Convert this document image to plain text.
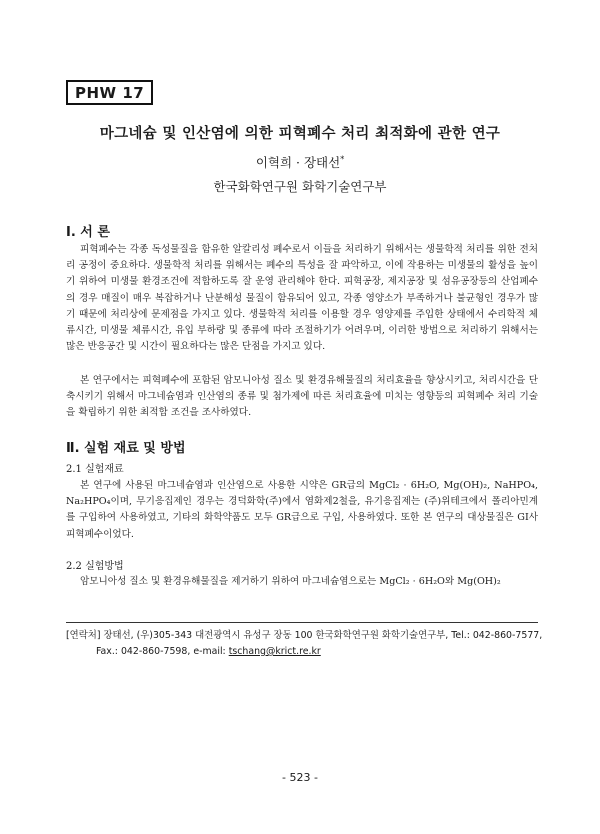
PHW 17
마그네슘 및 인산염에 의한 피혁폐수 처리 최적화에 관한 연구
이혁희 · 장태선*
한국화학연구원 화학기술연구부
Ⅰ. 서 론

피혁폐수는 각종 독성물질을 함유한 알칼리성 폐수로서 이들을 처리하기 위해서는 생물학적 처리를 위한 전처리 공정이 중요하다. 생물학적 처리를 위해서는 폐수의 특성을 잘 파악하고, 이에 작용하는 미생물의 활성을 높이기 위하여 미생물 환경조건에 적합하도록 잘 운영 관리해야 한다. 피혁공장, 제지공장 및 섬유공장등의 산업폐수의 경우 매질이 매우 복잡하거나 난분해성 물질이 함유되어 있고, 각종 영양소가 부족하거나 불균형인 경우가 많기 때문에 처리상에 문제점을 가지고 있다. 생물학적 처리를 이용할 경우 영양제를 주입한 상태에서 수리학적 체류시간, 미생물 체류시간, 유입 부하량 및 종류에 따라 조절하기가 어려우며, 이러한 방법으로 처리하기 위해서는 많은 반응공간 및 시간이 필요하다는 많은 단점을 가지고 있다.

본 연구에서는 피혁폐수에 포함된 암모니아성 질소 및 환경유해물질의 처리효율을 향상시키고, 처리시간을 단축시키기 위해서 마그네슘염과 인산염의 종류 및 첨가제에 따른 처리효율에 미치는 영향등의 피혁폐수 처리 기술을 확립하기 위한 최적합 조건을 조사하였다.

Ⅱ. 실험 재료 및 방법
2.1 실험재료

본 연구에 사용된 마그네슘염과 인산염으로 사용한 시약은 GR급의 MgCl₂ · 6H₂O, Mg(OH)₂, NaHPO₄, Na₂HPO₄이며, 무기응집제인 경우는 경덕화학(주)에서 염화제2철을, 유기응집제는 (주)위테크에서 폴리아민계를 구입하여 사용하였고, 기타의 화학약품도 모두 GR급으로 구입, 사용하였다. 또한 본 연구의 대상물질은 GI사 피혁폐수이었다.

2.2 실험방법

암모니아성 질소 및 환경유해물질을 제거하기 위하여 마그네슘염으로는 MgCl₂ · 6H₂O와 Mg(OH)₂

[연락처] 장태선, (우)305-343 대전광역시 유성구 장동 100 한국화학연구원 화학기술연구부, Tel.: 042-860-7577,
Fax.: 042-860-7598, e-mail: tschang@krict.re.kr
- 523 -
